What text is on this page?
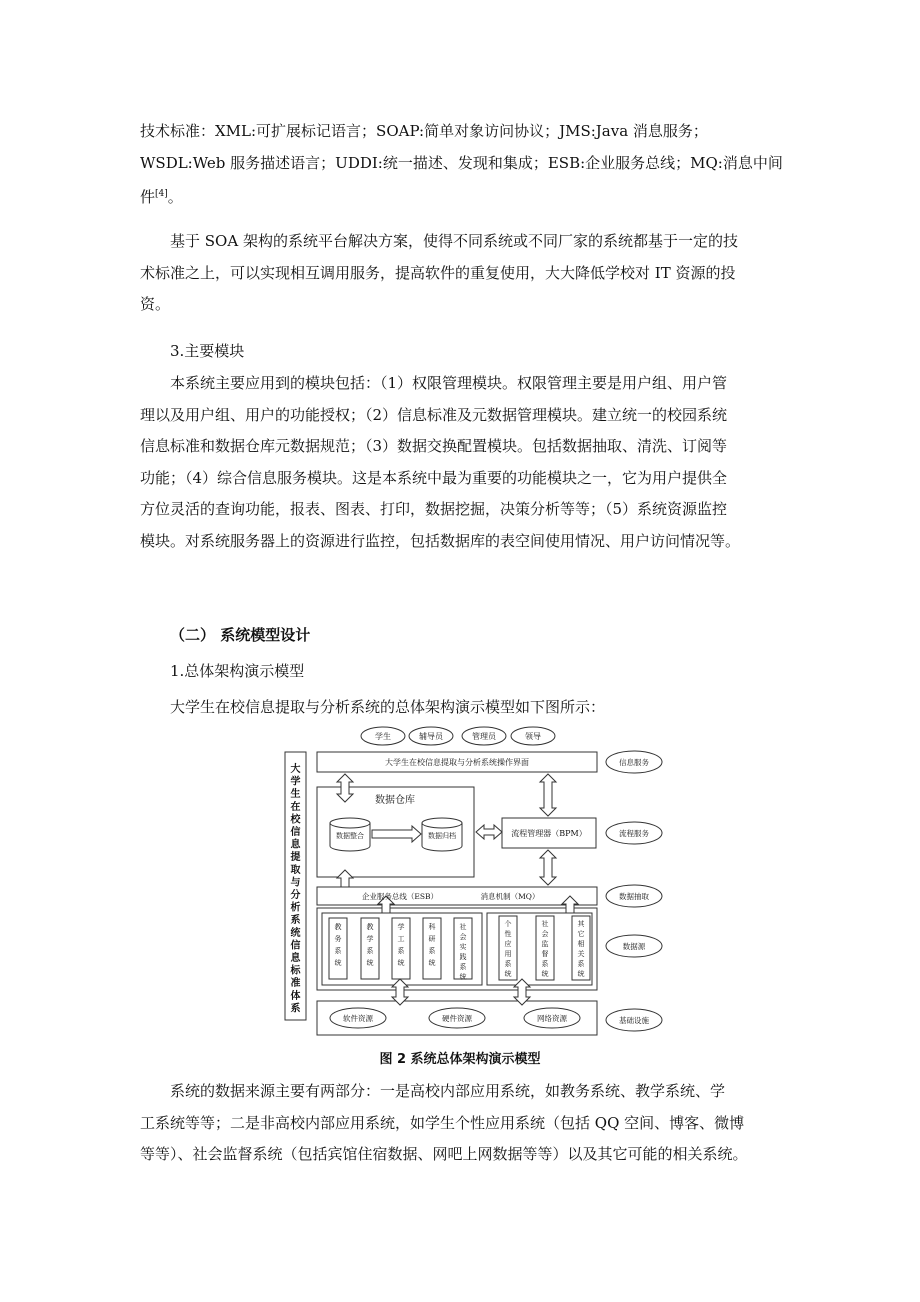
技术标准：XML:可扩展标记语言；SOAP:简单对象访问协议；JMS:Java 消息服务；
WSDL:Web 服务描述语言；UDDI:统一描述、发现和集成；ESB:企业服务总线；MQ:消息中间
件[4]。
基于 SOA 架构的系统平台解决方案，使得不同系统或不同厂家的系统都基于一定的技
术标准之上，可以实现相互调用服务，提高软件的重复使用，大大降低学校对 IT 资源的投
资。
3.主要模块
本系统主要应用到的模块包括：（1）权限管理模块。权限管理主要是用户组、用户管
理以及用户组、用户的功能授权；（2）信息标准及元数据管理模块。建立统一的校园系统
信息标准和数据仓库元数据规范；（3）数据交换配置模块。包括数据抽取、清洗、订阅等
功能；（4）综合信息服务模块。这是本系统中最为重要的功能模块之一，它为用户提供全
方位灵活的查询功能，报表、图表、打印，数据挖掘，决策分析等等；（5）系统资源监控
模块。对系统服务器上的资源进行监控，包括数据库的表空间使用情况、用户访问情况等。
（二） 系统模型设计
1.总体架构演示模型
大学生在校信息提取与分析系统的总体架构演示模型如下图所示：
学生	辅导员	管理员	领导
大学生在校信息提取与分析系统操作界面
数据仓库
数据整合	数据归档	流程管理器（BPM）
企业服务总线（ESB）	消息机制（MQ）
软件资源	硬件资源	网络资源
信息服务
流程服务
数据抽取
数据源
基础设施
大
学
生
在
校
信
息
提
取
与
分
析
系
统
信
息
标
准
体
系
教
务
系
统
教
学
系
统
学
工
系
统
科
研
系
统
社
会
实
践
系
统
个
性
应
用
系
统
社
会
监
督
系
统
其
它
相
关
系
统
图 2 系统总体架构演示模型
系统的数据来源主要有两部分：一是高校内部应用系统，如教务系统、教学系统、学
工系统等等；二是非高校内部应用系统，如学生个性应用系统（包括 QQ 空间、博客、微博
等等）、社会监督系统（包括宾馆住宿数据、网吧上网数据等等）以及其它可能的相关系统。
